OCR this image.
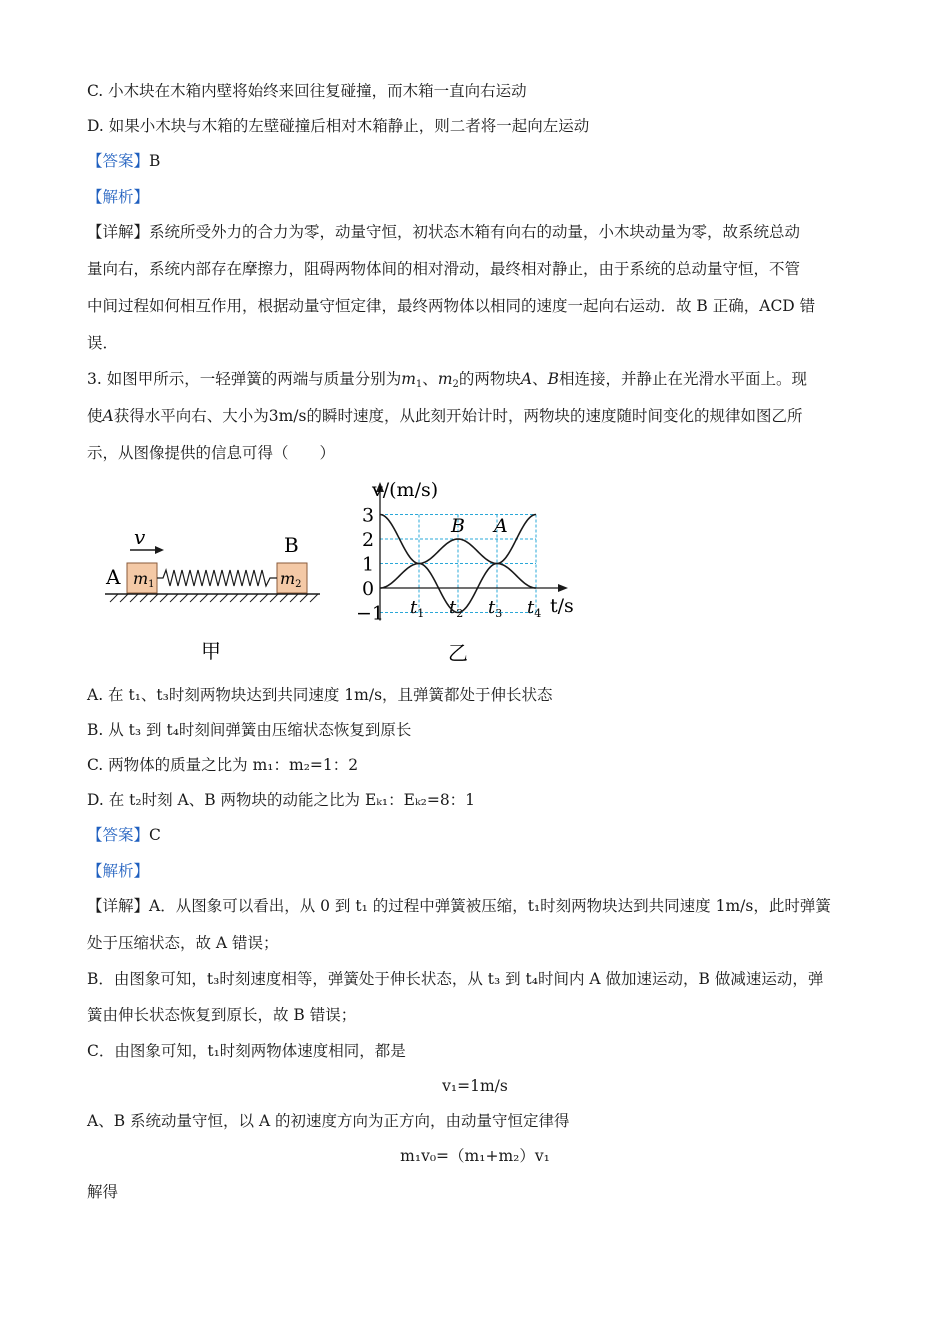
C. 小木块在木箱内壁将始终来回往复碰撞，而木箱一直向右运动
D. 如果小木块与木箱的左壁碰撞后相对木箱静止，则二者将一起向左运动
【答案】B
【解析】
【详解】系统所受外力的合力为零，动量守恒，初状态木箱有向右的动量，小木块动量为零，故系统总动
量向右，系统内部存在摩擦力，阻碍两物体间的相对滑动，最终相对静止，由于系统的总动量守恒，不管
中间过程如何相互作用，根据动量守恒定律，最终两物体以相同的速度一起向右运动．故 B 正确，ACD 错
误．
3. 如图甲所示，一轻弹簧的两端与质量分别为$m_1$、$m_2$的两物块A、B相连接，并静止在光滑水平面上。现
使A获得水平向右、大小为3m/s的瞬时速度，从此刻开始计时，两物块的速度随时间变化的规律如图乙所
示，从图像提供的信息可得（　　）
v
A
B
m1	m2
甲
v/(m/s)
t/s
−1
0
1
2
3
$t_1$ $t_2$ $t_3$ $t_4$
B A
乙
A. 在 t₁、t₃时刻两物块达到共同速度 1m/s，且弹簧都处于伸长状态
B. 从 t₃ 到 t₄时刻间弹簧由压缩状态恢复到原长
C. 两物体的质量之比为 m₁：m₂=1：2
D. 在 t₂时刻 A、B 两物块的动能之比为 Eₖ₁：Eₖ₂=8：1
【答案】C
【解析】
【详解】A．从图象可以看出，从 0 到 t₁ 的过程中弹簧被压缩，t₁时刻两物块达到共同速度 1m/s，此时弹簧
处于压缩状态，故 A 错误；
B．由图象可知，t₃时刻速度相等，弹簧处于伸长状态，从 t₃ 到 t₄时间内 A 做加速运动，B 做减速运动，弹
簧由伸长状态恢复到原长，故 B 错误；
C．由图象可知，t₁时刻两物体速度相同，都是
v₁=1m/s
A、B 系统动量守恒，以 A 的初速度方向为正方向，由动量守恒定律得
m₁v₀=（m₁+m₂）v₁
解得
